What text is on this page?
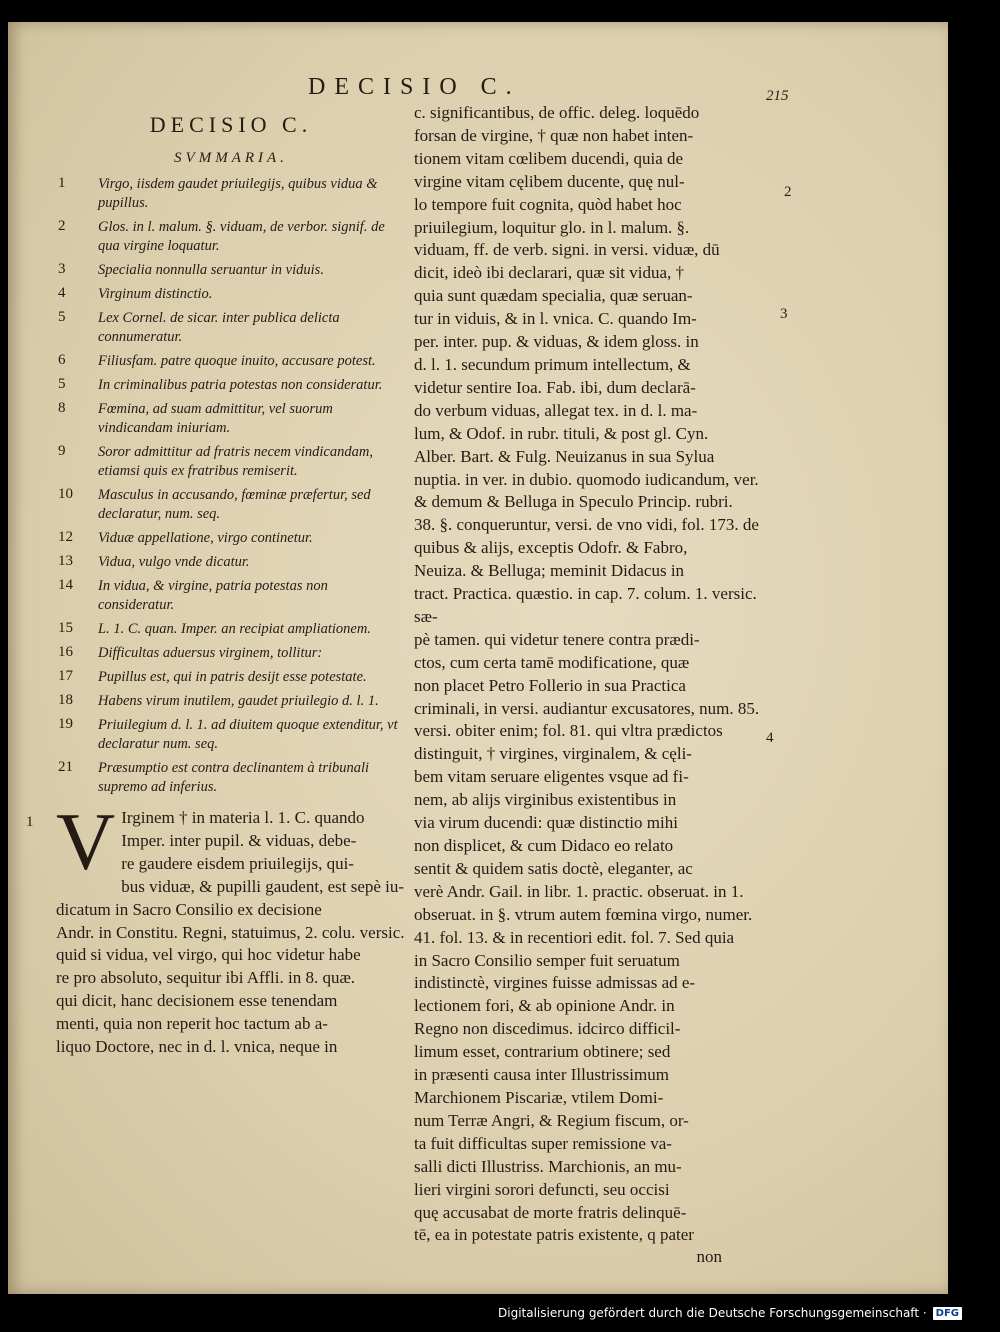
DECISIO C.	215
DECISIO C.
SVMMARIA.
1	Virgo, iisdem gaudet priuilegijs, quibus vidua & pupillus.
2	Glos. in l. malum. §. viduam, de verbor. signif. de qua virgine loquatur.
3	Specialia nonnulla seruantur in viduis.
4	Virginum distinctio.
5	Lex Cornel. de sicar. inter publica delicta connumeratur.
6	Filiusfam. patre quoque inuito, accusare potest.
5	In criminalibus patria potestas non consideratur.
8	Fœmina, ad suam admittitur, vel suorum vindicandam iniuriam.
9	Soror admittitur ad fratris necem vindicandam, etiamsi quis ex fratribus remiserit.
10	Masculus in accusando, fœminæ præfertur, sed declaratur, num. seq.
12	Viduæ appellatione, virgo continetur.
13	Vidua, vulgo vnde dicatur.
14	In vidua, & virgine, patria potestas non consideratur.
15	L. 1. C. quan. Imper. an recipiat ampliationem.
16	Difficultas aduersus virginem, tollitur:
17	Pupillus est, qui in patris desijt esse potestate.
18	Habens virum inutilem, gaudet priuilegio d. l. 1.
19	Priuilegium d. l. 1. ad diuitem quoque extenditur, vt declaratur num. seq.
21	Præsumptio est contra declinantem à tribunali supremo ad inferius.
1 V Irginem † in materia l. 1. C. quando
Imper. inter pupil. & viduas, debe-
re gaudere eisdem priuilegijs, qui-
bus viduæ, & pupilli gaudent, est sepè iu-
dicatum in Sacro Consilio ex decisione
Andr. in Constitu. Regni, statuimus, 2. colu. versic.
quid si vidua, vel virgo, qui hoc videtur habe
re pro absoluto, sequitur ibi Affli. in 8. quæ.
qui dicit, hanc decisionem esse tenendam
menti, quia non reperit hoc tactum ab a-
liquo Doctore, nec in d. l. vnica, neque in
c. significantibus, de offic. deleg. loquēdo
forsan de virgine, † quæ non habet inten-
tionem vitam cœlibem ducendi, quia de
virgine vitam cęlibem ducente, quę nul-
lo tempore fuit cognita, quòd habet hoc
priuilegium, loquitur glo. in l. malum. §.
viduam, ff. de verb. signi. in versi. viduæ, dū
dicit, ideò ibi declarari, quæ sit vidua, †
quia sunt quædam specialia, quæ seruan-
tur in viduis, & in l. vnica. C. quando Im-
per. inter. pup. & viduas, & idem gloss. in
d. l. 1. secundum primum intellectum, &
videtur sentire Ioa. Fab. ibi, dum declarā-
do verbum viduas, allegat tex. in d. l. ma-
lum, & Odof. in rubr. tituli, & post gl. Cyn.
Alber. Bart. & Fulg. Neuizanus in sua Sylua
nuptia. in ver. in dubio. quomodo iudicandum, ver.
& demum & Belluga in Speculo Princip. rubri.
38. §. conqueruntur, versi. de vno vidi, fol. 173. de
quibus & alijs, exceptis Odofr. & Fabro,
Neuiza. & Belluga; meminit Didacus in
tract. Practica. quæstio. in cap. 7. colum. 1. versic. sæ-
pè tamen. qui videtur tenere contra prædi-
ctos, cum certa tamē modificatione, quæ
non placet Petro Follerio in sua Practica
criminali, in versi. audiantur excusatores, num. 85.
versi. obiter enim; fol. 81. qui vltra prædictos
distinguit, † virgines, virginalem, & cęli-
bem vitam seruare eligentes vsque ad fi-
nem, ab alijs virginibus existentibus in
via virum ducendi: quæ distinctio mihi
non displicet, & cum Didaco eo relato
sentit & quidem satis doctè, eleganter, ac
verè Andr. Gail. in libr. 1. practic. obseruat. in 1.
obseruat. in §. vtrum autem fœmina virgo, numer.
41. fol. 13. & in recentiori edit. fol. 7. Sed quia
in Sacro Consilio semper fuit seruatum
indistinctè, virgines fuisse admissas ad e-
lectionem fori, & ab opinione Andr. in
Regno non discedimus. idcirco difficil-
limum esset, contrarium obtinere; sed
in præsenti causa inter Illustrissimum
Marchionem Piscariæ, vtilem Domi-
num Terræ Angri, & Regium fiscum, or-
ta fuit difficultas super remissione va-
salli dicti Illustriss. Marchionis, an mu-
lieri virgini sorori defuncti, seu occisi
quę accusabat de morte fratris delinquē-
tē, ea in potestate patris existente, q pater
non
2
3
4
Digitalisierung gefördert durch die Deutsche Forschungsgemeinschaft · DFG
